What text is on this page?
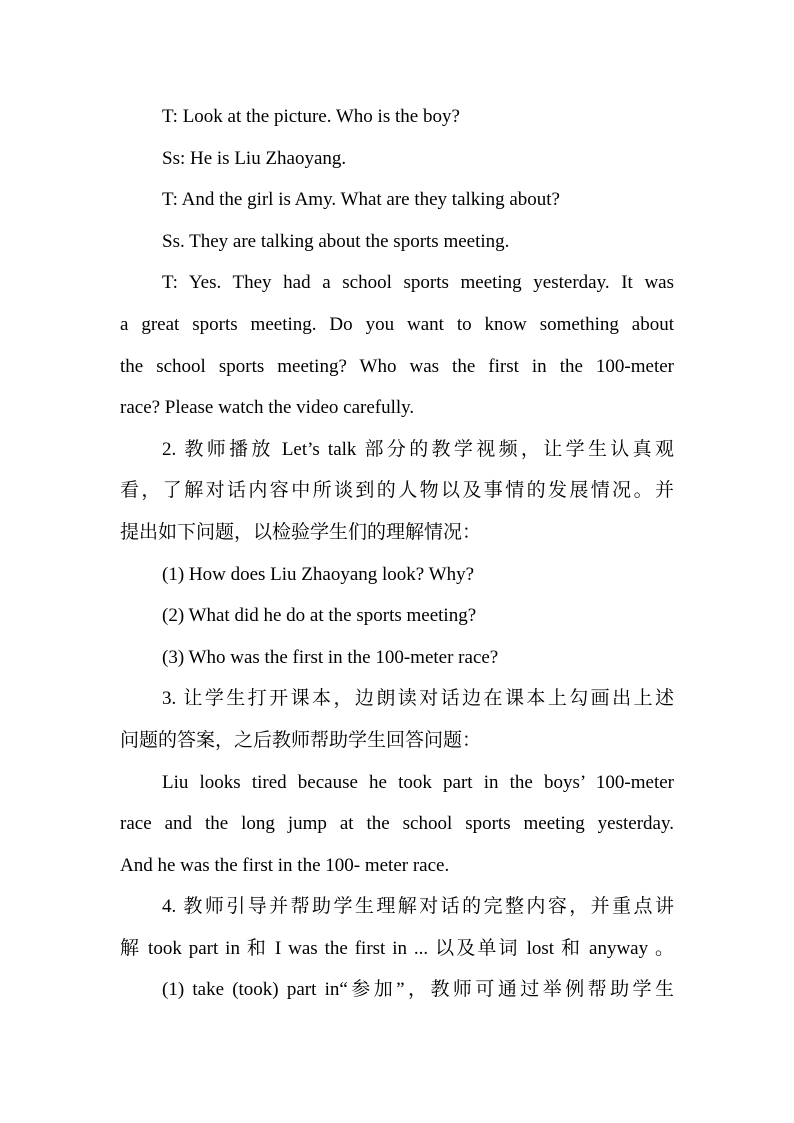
T: Look at the picture. Who is the boy?
Ss: He is Liu Zhaoyang.
T: And the girl is Amy. What are they talking about?
Ss. They are talking about the sports meeting.
T: Yes. They had a school sports meeting yesterday. It was
a great sports meeting. Do you want to know something about
the school sports meeting? Who was the first in the 100-meter
race? Please watch the video carefully.
2. 教师播放 Let’s talk 部分的教学视频，让学生认真观
看，了解对话内容中所谈到的人物以及事情的发展情况。并
提出如下问题，以检验学生们的理解情况：
(1) How does Liu Zhaoyang look? Why?
(2) What did he do at the sports meeting?
(3) Who was the first in the 100-meter race?
3. 让学生打开课本，边朗读对话边在课本上勾画出上述
问题的答案，之后教师帮助学生回答问题：
Liu looks tired because he took part in the boys’ 100-meter
race and the long jump at the school sports meeting yesterday.
And he was the first in the 100- meter race.
4. 教师引导并帮助学生理解对话的完整内容，并重点讲
解 took part in 和 I was the first in ... 以及单词 lost 和 anyway 。
(1) take (took) part in“参加”，教师可通过举例帮助学生
